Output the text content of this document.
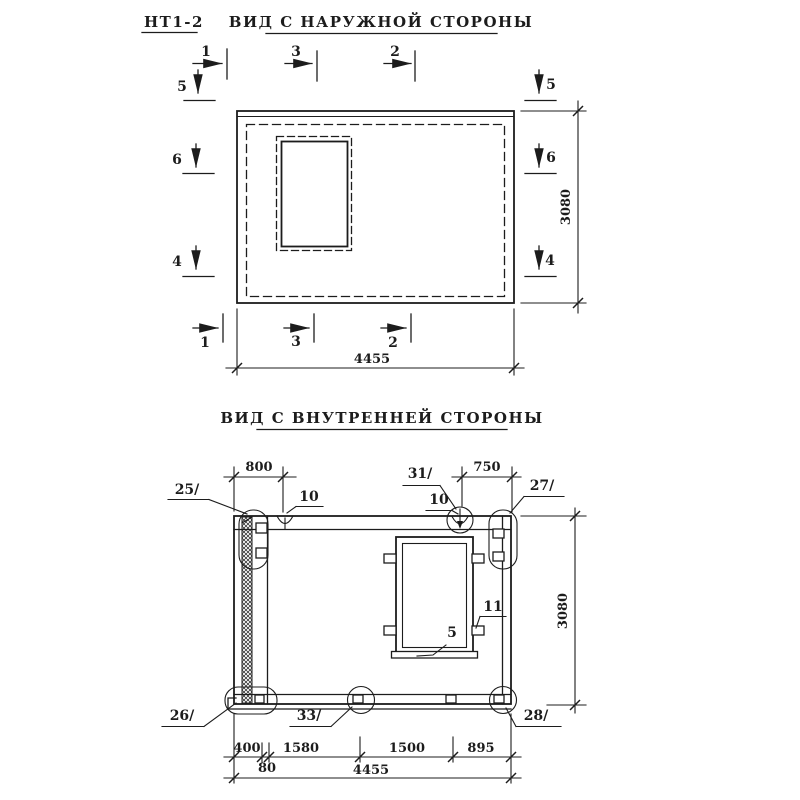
НТ1-2 ВИД С НАРУЖНОЙ СТОРОНЫ
1	3	2
5
6
4
5
6
4
1	3	2
4455
3080
ВИД С ВНУТРЕННЕЙ СТОРОНЫ
800	750
25/
31/
27/
10	10
11
5
26/	33/	28/
3080
400 1580	1500	895
80	4455
